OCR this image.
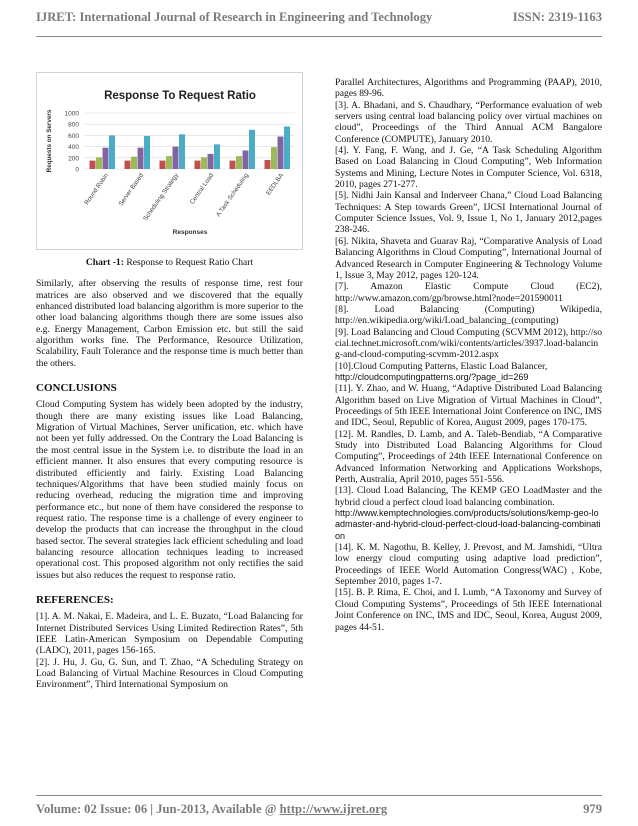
IJRET: International Journal of Research in Engineering and Technology	ISSN: 2319-1163
Response To Request Ratio
0
200
400
600
800
1000
Requests on Servers
Round Robin Server Based
Scheduling Strategy Central Load A Task Scheduling EEDLBA
Responses
Chart -1: Response to Request Ratio Chart

Similarly, after observing the results of response time, rest four matrices are also observed and we discovered that the equally enhanced distributed load balancing algorithm is more superior to the other load balancing algorithms though there are some issues also e.g. Energy Management, Carbon Emission etc. but still the said algorithm works fine. The Performance, Resource Utilization, Scalability, Fault Tolerance and the response time is much better than the others.

CONCLUSIONS

Cloud Computing System has widely been adopted by the industry, though there are many existing issues like Load Balancing, Migration of Virtual Machines, Server unification, etc. which have not been yet fully addressed. On the Contrary the Load Balancing is the most central issue in the System i.e. to distribute the load in an efficient manner. It also ensures that every computing resource is distributed efficiently and fairly. Existing Load Balancing techniques/Algorithms that have been studied mainly focus on reducing overhead, reducing the migration time and improving performance etc., but none of them have considered the response to request ratio. The response time is a challenge of every engineer to develop the products that can increase the throughput in the cloud based sector. The several strategies lack efficient scheduling and load balancing resource allocation techniques leading to increased operational cost. This proposed algorithm not only rectifies the said issues but also reduces the request to response ratio.

REFERENCES:

[1]. A. M. Nakai, E. Madeira, and L. E. Buzato, “Load Balancing for Internet Distributed Services Using Limited Redirection Rates”, 5th IEEE Latin-American Symposium on Dependable Computing (LADC), 2011, pages 156-165.

[2]. J. Hu, J. Gu, G. Sun, and T. Zhao, “A Scheduling Strategy on Load Balancing of Virtual Machine Resources in Cloud Computing Environment”, Third International Symposium on

Parallel Architectures, Algorithms and Programming (PAAP), 2010, pages 89-96.

[3]. A. Bhadani, and S. Chaudhary, “Performance evaluation of web servers using central load balancing policy over virtual machines on cloud”, Proceedings of the Third Annual ACM Bangalore Conference (COMPUTE), January 2010.

[4]. Y. Fang, F. Wang, and J. Ge, “A Task Scheduling Algorithm Based on Load Balancing in Cloud Computing”, Web Information Systems and Mining, Lecture Notes in Computer Science, Vol. 6318, 2010, pages 271-277.

[5]. Nidhi Jain Kansal and Inderveer Chana,” Cloud Load Balancing Techniques: A Step towards Green”, IJCSI International Journal of Computer Science Issues, Vol. 9, Issue 1, No 1, January 2012,pages 238-246.

[6]. Nikita, Shaveta and Guarav Raj, “Comparative Analysis of Load Balancing Algorithms in Cloud Computing”, International Journal of Advanced Research in Computer Engineering & Technology Volume 1, Issue 3, May 2012, pages 120-124.

[7]. Amazon Elastic Compute Cloud (EC2), http://www.amazon.com/gp/browse.html?node=201590011

[8]. Load Balancing (Computing) Wikipedia, http://en.wikipedia.org/wiki/Load_balancing_(computing)

[9]. Load Balancing and Cloud Computing (SCVMM 2012), http://social.technet.microsoft.com/wiki/contents/articles/3937.load-balancing-and-cloud-computing-scvmm-2012.aspx

[10].Cloud Computing Patterns, Elastic Load Balancer,
http://cloudcomputingpatterns.org/?page_id=269

[11]. Y. Zhao, and W. Huang, “Adaptive Distributed Load Balancing Algorithm based on Live Migration of Virtual Machines in Cloud”, Proceedings of 5th IEEE International Joint Conference on INC, IMS and IDC, Seoul, Republic of Korea, August 2009, pages 170-175.

[12]. M. Randles, D. Lamb, and A. Taleb-Bendiab, “A Comparative Study into Distributed Load Balancing Algorithms for Cloud Computing”, Proceedings of 24th IEEE International Conference on Advanced Information Networking and Applications Workshops, Perth, Australia, April 2010, pages 551-556.

[13]. Cloud Load Balancing, The KEMP GEO LoadMaster and the hybrid cloud a perfect cloud load balancing combination.

http://www.kemptechnologies.com/products/solutions/kemp-geo-loadmaster-and-hybrid-cloud-perfect-cloud-load-balancing-combination

[14]. K. M. Nagothu, B. Kelley, J. Prevost, and M. Jamshidi, “Ultra low energy cloud computing using adaptive load prediction”, Proceedings of IEEE World Automation Congress(WAC) , Kobe, September 2010, pages 1-7.

[15]. B. P. Rima, E. Choi, and I. Lumb, “A Taxonomy and Survey of Cloud Computing Systems”, Proceedings of 5th IEEE International Joint Conference on INC, IMS and IDC, Seoul, Korea, August 2009, pages 44-51.

Volume: 02 Issue: 06 | Jun-2013, Available @ http://www.ijret.org	979
